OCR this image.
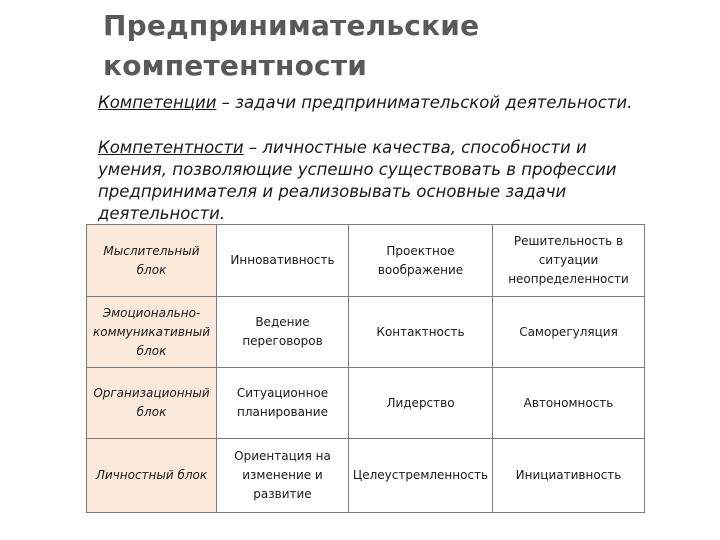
Предпринимательские
компетентности

Компетенции – задачи предпринимательской деятельности.

Компетентности – личностные качества, способности и умения, позволяющие успешно существовать в профессии предпринимателя и реализовывать основные задачи деятельности.

Мыслительный блок	Инновативность	Проектное воображение	Решительность в ситуации неопределенности
Эмоционально-коммуникативный блок	Ведение переговоров	Контактность	Саморегуляция
Организационный блок	Ситуационное планирование	Лидерство	Автономность
Личностный блок	Ориентация на изменение и развитие	Целеустремленность	Инициативность
